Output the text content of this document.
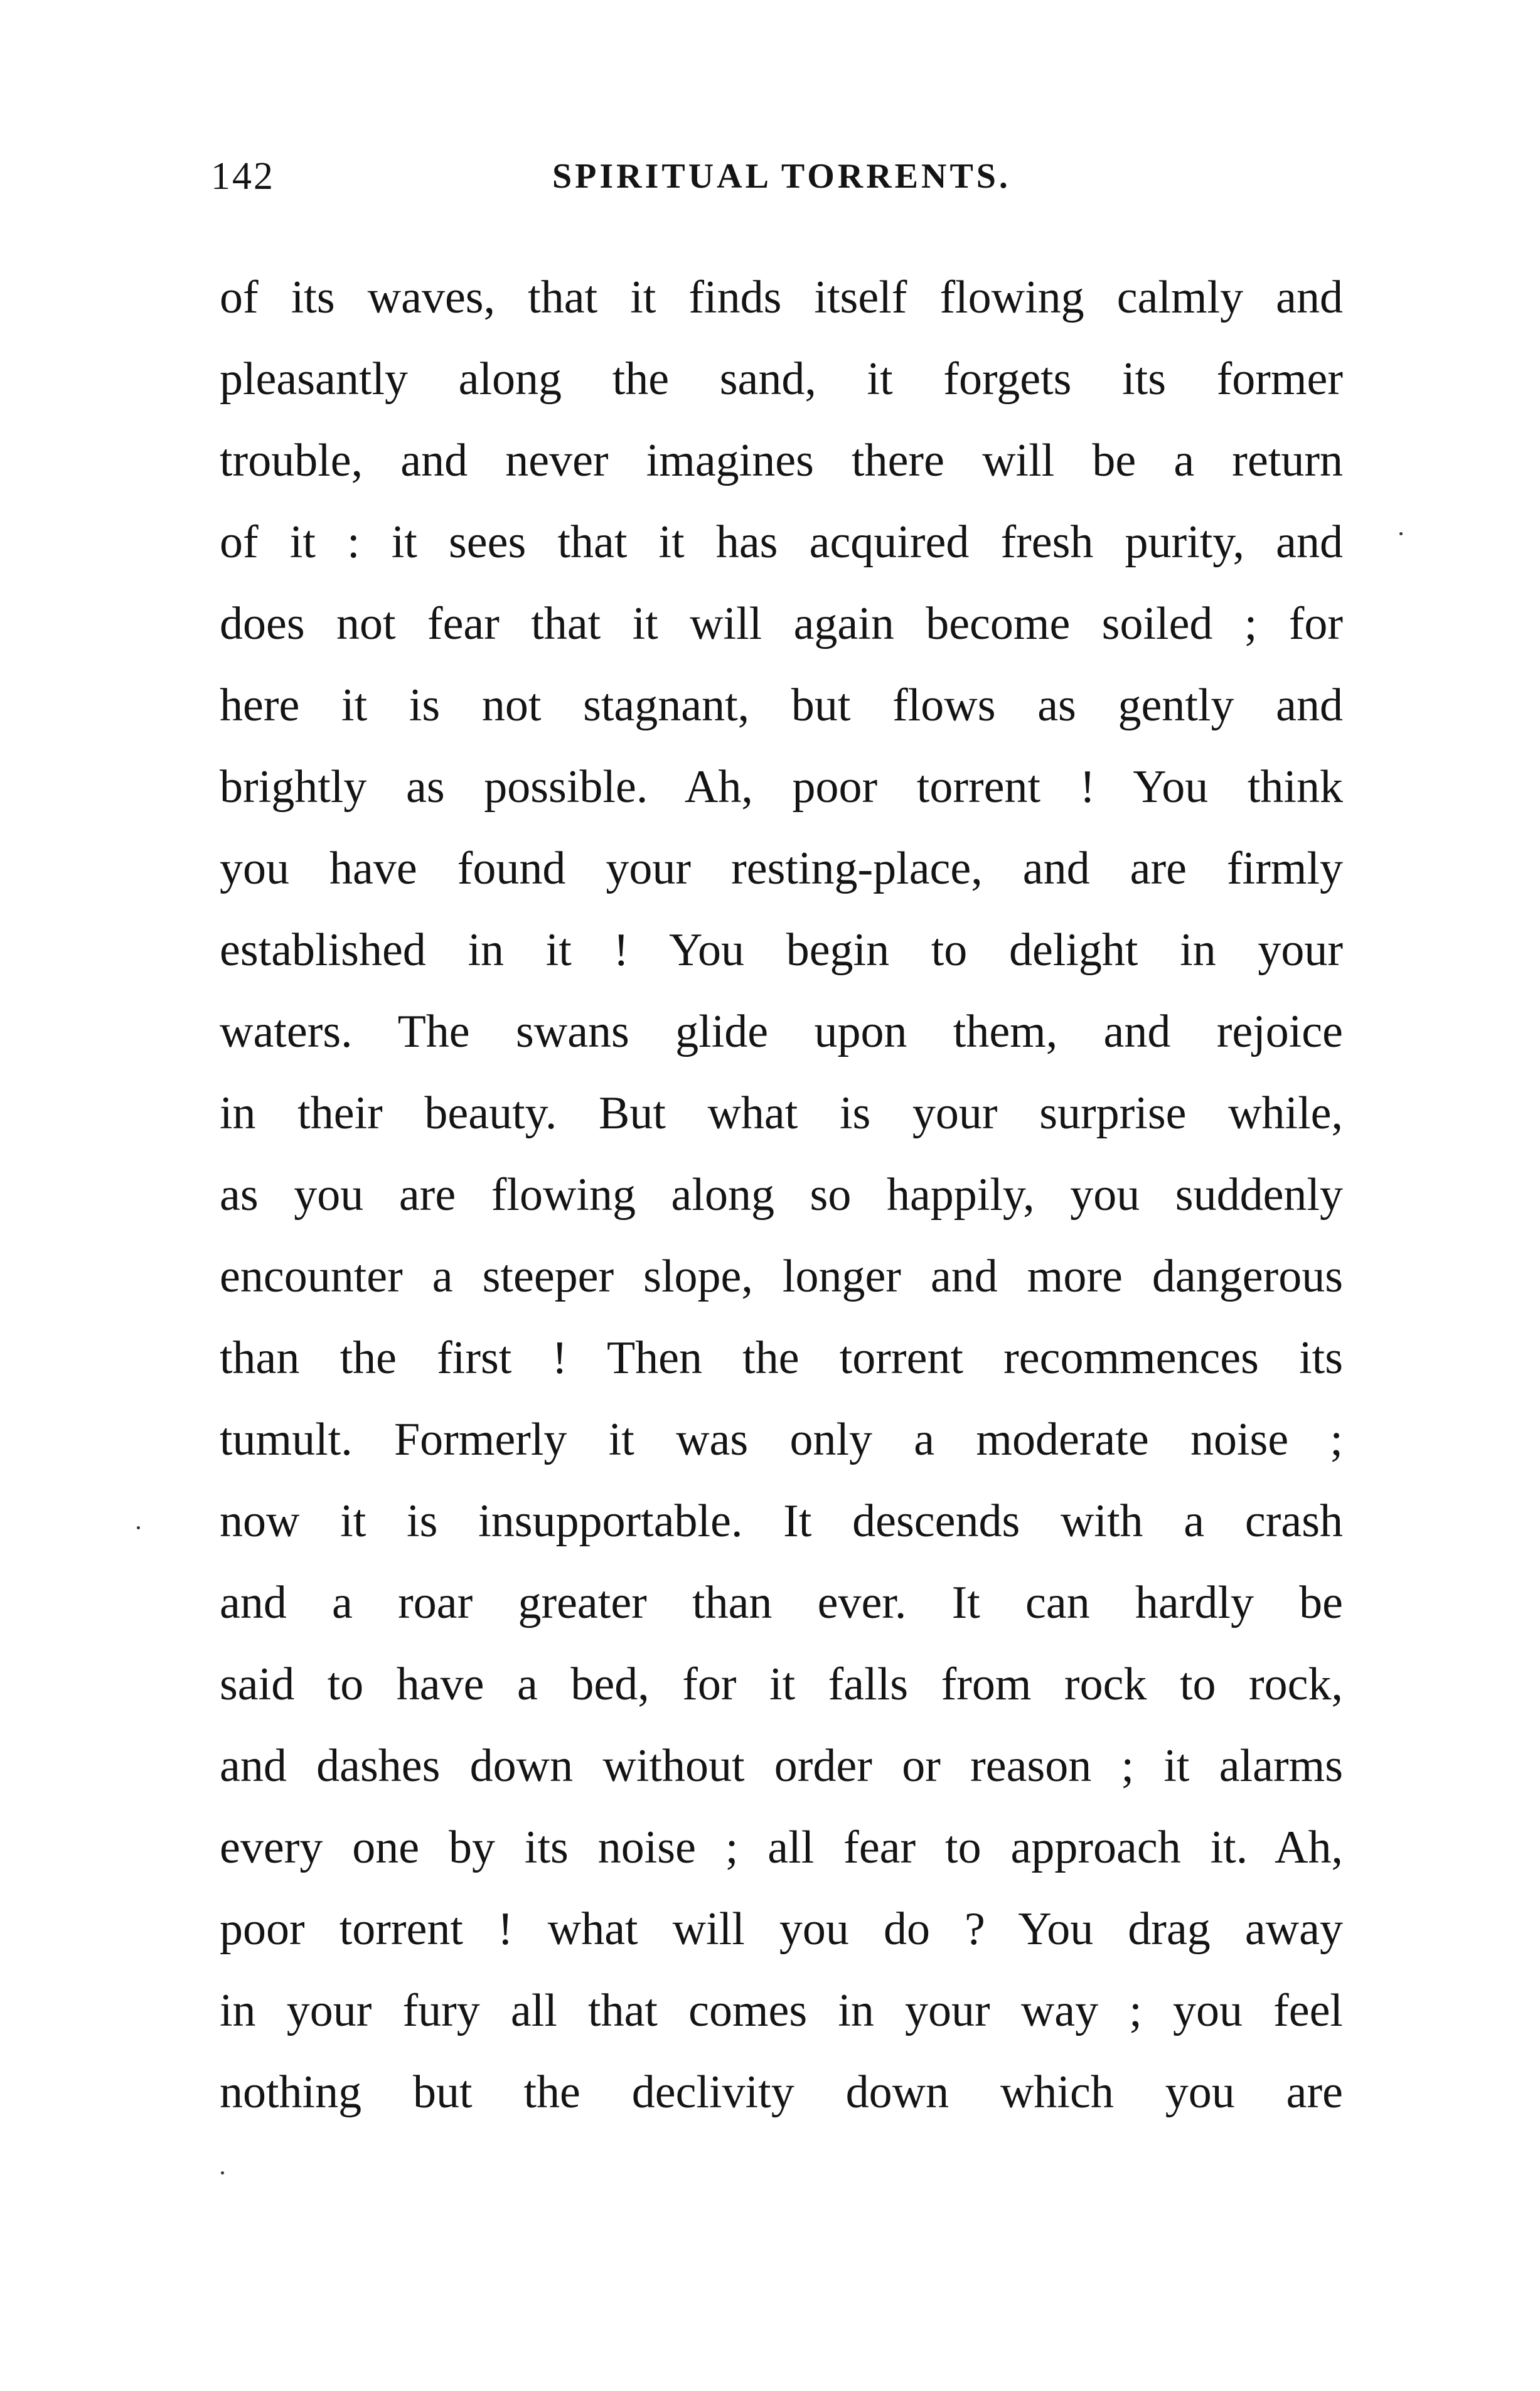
142	SPIRITUAL TORRENTS.
of its waves, that it finds itself flowing calmly and
pleasantly along the sand, it forgets its former
trouble, and never imagines there will be a return
of it : it sees that it has acquired fresh purity, and
does not fear that it will again become soiled ; for
here it is not stagnant, but flows as gently and
brightly as possible. Ah, poor torrent ! You think
you have found your resting-place, and are firmly
established in it ! You begin to delight in your
waters. The swans glide upon them, and rejoice
in their beauty. But what is your surprise while,
as you are flowing along so happily, you suddenly
encounter a steeper slope, longer and more dangerous
than the first ! Then the torrent recommences its
tumult. Formerly it was only a moderate noise ;
now it is insupportable. It descends with a crash
and a roar greater than ever. It can hardly be
said to have a bed, for it falls from rock to rock,
and dashes down without order or reason ; it alarms
every one by its noise ; all fear to approach it. Ah,
poor torrent ! what will you do ? You drag away
in your fury all that comes in your way ; you feel
nothing but the declivity down which you are
